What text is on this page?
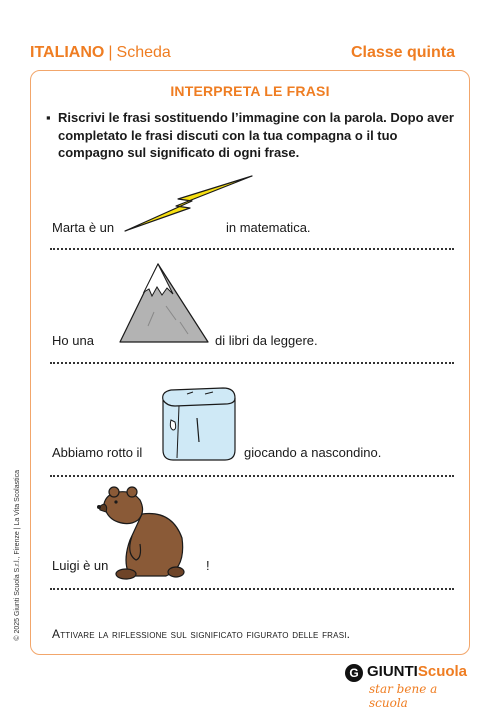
ITALIANO | Scheda	Classe quinta
INTERPRETA LE FRASI
▪ Riscrivi le frasi sostituendo l’immagine con la parola. Dopo aver completato le frasi discuti con la tua compagna o il tuo compagno sul significato di ogni frase.
Marta è un	in matematica.
Ho una	di libri da leggere.
Abbiamo rotto il	giocando a nascondino.
Luigi è un	!
Attivare la riflessione sul significato figurato delle frasi.
© 2025 Giunti Scuola S.r.l., Firenze | La Vita Scolastica
G GIUNTIScuola
star bene a scuola
